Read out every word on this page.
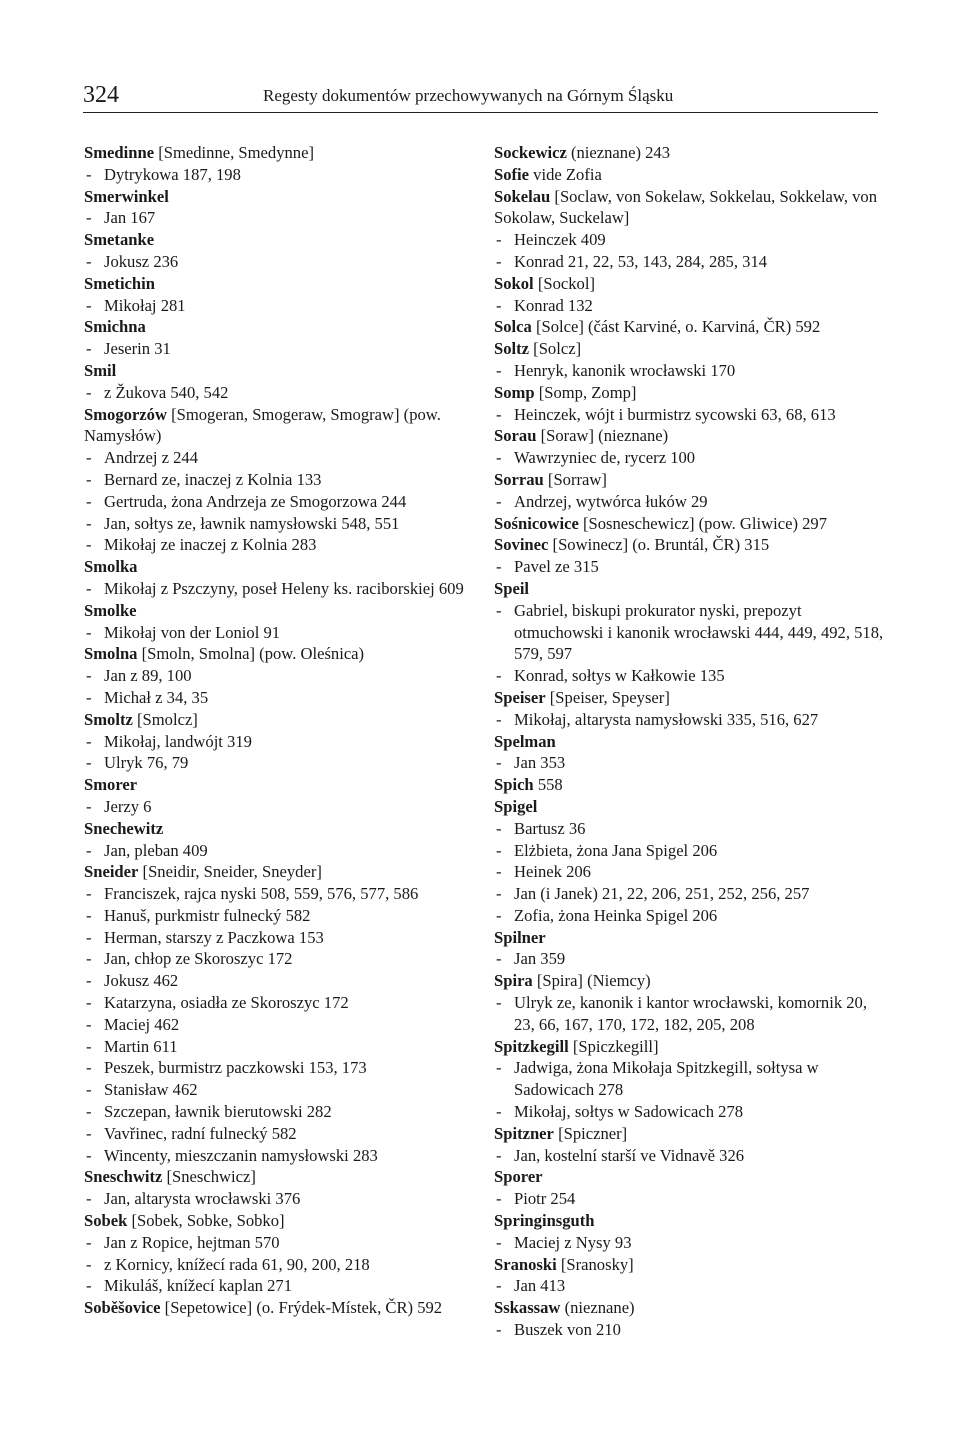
324	Regesty dokumentów przechowywanych na Górnym Śląsku
Smedinne [Smedinne, Smedynne]
- Dytrykowa 187, 198
Smerwinkel
- Jan 167
Smetanke
- Jokusz 236
Smetichin
- Mikołaj 281
Smichna
- Jeserin 31
Smil
- z Žukova 540, 542
Smogorzów [Smogeran, Smogeraw, Smograw] (pow. Namysłów)
- Andrzej z 244
- Bernard ze, inaczej z Kolnia 133
- Gertruda, żona Andrzeja ze Smogorzowa 244
- Jan, sołtys ze, ławnik namysłowski 548, 551
- Mikołaj ze inaczej z Kolnia 283
Smolka
- Mikołaj z Pszczyny, poseł Heleny ks. raciborskiej 609
Smolke
- Mikołaj von der Loniol 91
Smolna [Smoln, Smolna] (pow. Oleśnica)
- Jan z 89, 100
- Michał z 34, 35
Smoltz [Smolcz]
- Mikołaj, landwójt 319
- Ulryk 76, 79
Smorer
- Jerzy 6
Snechewitz
- Jan, pleban 409
Sneider [Sneidir, Sneider, Sneyder]
- Franciszek, rajca nyski 508, 559, 576, 577, 586
- Hanuš, purkmistr fulnecký 582
- Herman, starszy z Paczkowa 153
- Jan, chłop ze Skoroszyc 172
- Jokusz 462
- Katarzyna, osiadła ze Skoroszyc 172
- Maciej 462
- Martin 611
- Peszek, burmistrz paczkowski 153, 173
- Stanisław 462
- Szczepan, ławnik bierutowski 282
- Vavřinec, radní fulnecký 582
- Wincenty, mieszczanin namysłowski 283
Sneschwitz [Sneschwicz]
- Jan, altarysta wrocławski 376
Sobek [Sobek, Sobke, Sobko]
- Jan z Ropice, hejtman 570
- z Kornicy, knížecí rada 61, 90, 200, 218
- Mikuláš, knížecí kaplan 271
Soběšovice [Sepetowice] (o. Frýdek-Místek, ČR) 592
Sockewicz (nieznane) 243
Sofie vide Zofia
Sokelau [Soclaw, von Sokelaw, Sokkelau, Sokkelaw, von Sokolaw, Suckelaw]
- Heinczek 409
- Konrad 21, 22, 53, 143, 284, 285, 314
Sokol [Sockol]
- Konrad 132
Solca [Solce] (část Karviné, o. Karviná, ČR) 592
Soltz [Solcz]
- Henryk, kanonik wrocławski 170
Somp [Somp, Zomp]
- Heinczek, wójt i burmistrz sycowski 63, 68, 613
Sorau [Soraw] (nieznane)
- Wawrzyniec de, rycerz 100
Sorrau [Sorraw]
- Andrzej, wytwórca łuków 29
Sośnicowice [Sosneschewicz] (pow. Gliwice) 297
Sovinec [Sowinecz] (o. Bruntál, ČR) 315
- Pavel ze 315
Speil
- Gabriel, biskupi prokurator nyski, prepozyt otmuchowski i kanonik wrocławski 444, 449, 492, 518, 579, 597
- Konrad, sołtys w Kałkowie 135
Speiser [Speiser, Speyser]
- Mikołaj, altarysta namysłowski 335, 516, 627
Spelman
- Jan 353
Spich 558
Spigel
- Bartusz 36
- Elżbieta, żona Jana Spigel 206
- Heinek 206
- Jan (i Janek) 21, 22, 206, 251, 252, 256, 257
- Zofia, żona Heinka Spigel 206
Spilner
- Jan 359
Spira [Spira] (Niemcy)
- Ulryk ze, kanonik i kantor wrocławski, komornik 20, 23, 66, 167, 170, 172, 182, 205, 208
Spitzkegill [Spiczkegill]
- Jadwiga, żona Mikołaja Spitzkegill, sołtysa w Sadowicach 278
- Mikołaj, sołtys w Sadowicach 278
Spitzner [Spiczner]
- Jan, kostelní starší ve Vidnavě 326
Sporer
- Piotr 254
Springinsguth
- Maciej z Nysy 93
Sranoski [Sranosky]
- Jan 413
Sskassaw (nieznane)
- Buszek von 210
